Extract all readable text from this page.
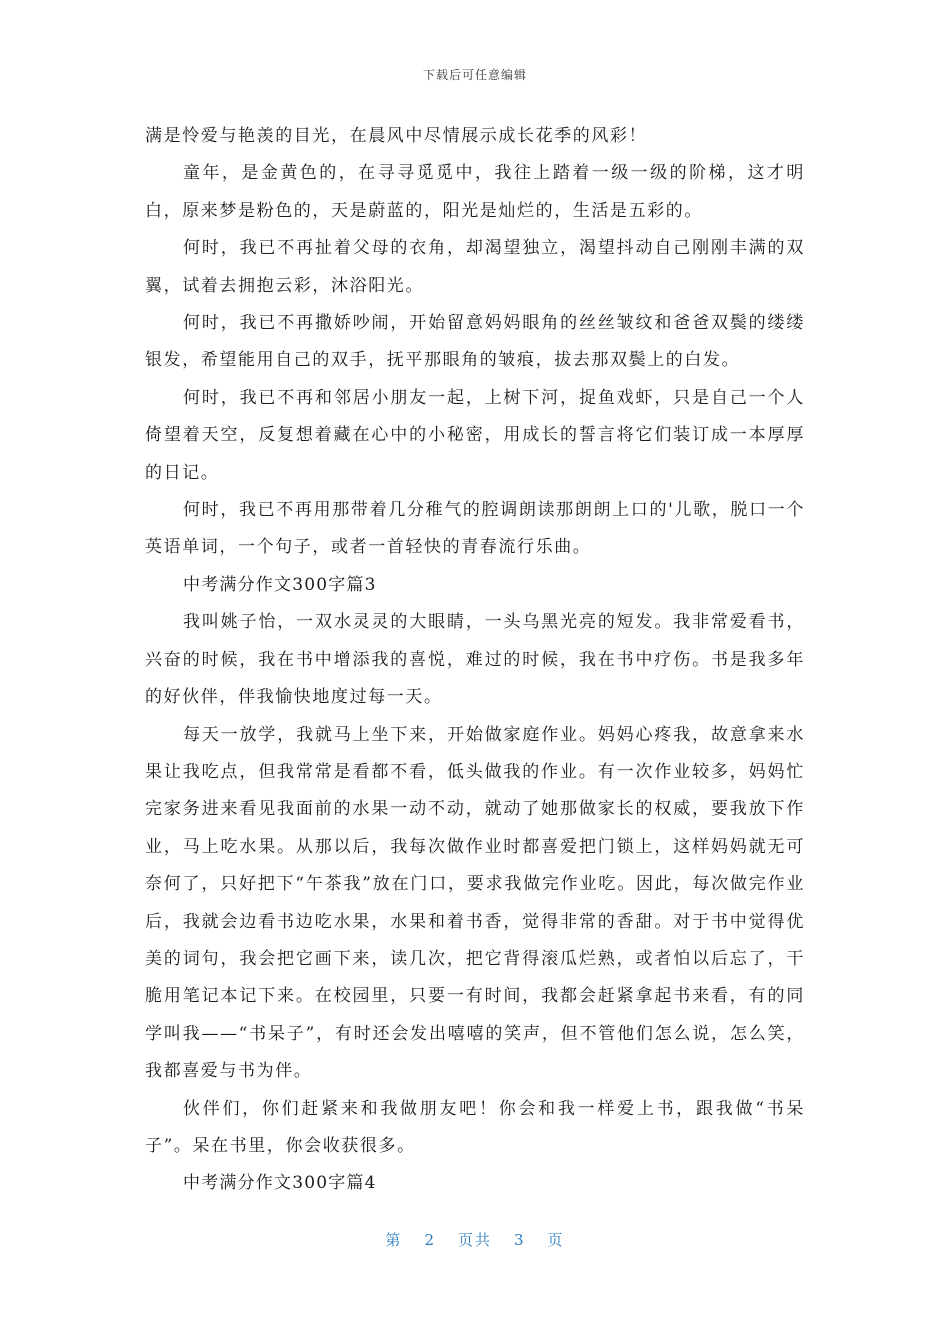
下载后可任意编辑

满是怜爱与艳羡的目光，在晨风中尽情展示成长花季的风彩！

童年，是金黄色的，在寻寻觅觅中，我往上踏着一级一级的阶梯，这才明白，原来梦是粉色的，天是蔚蓝的，阳光是灿烂的，生活是五彩的。

何时，我已不再扯着父母的衣角，却渴望独立，渴望抖动自己刚刚丰满的双翼，试着去拥抱云彩，沐浴阳光。

何时，我已不再撒娇吵闹，开始留意妈妈眼角的丝丝皱纹和爸爸双鬓的缕缕银发，希望能用自己的双手，抚平那眼角的皱痕，拔去那双鬓上的白发。

何时，我已不再和邻居小朋友一起，上树下河，捉鱼戏虾，只是自己一个人倚望着天空，反复想着藏在心中的小秘密，用成长的誓言将它们装订成一本厚厚的日记。

何时，我已不再用那带着几分稚气的腔调朗读那朗朗上口的'儿歌，脱口一个英语单词，一个句子，或者一首轻快的青春流行乐曲。

中考满分作文300字篇3

我叫姚子怡，一双水灵灵的大眼睛，一头乌黑光亮的短发。我非常爱看书，兴奋的时候，我在书中增添我的喜悦，难过的时候，我在书中疗伤。书是我多年的好伙伴，伴我愉快地度过每一天。

每天一放学，我就马上坐下来，开始做家庭作业。妈妈心疼我，故意拿来水果让我吃点，但我常常是看都不看，低头做我的作业。有一次作业较多，妈妈忙完家务进来看见我面前的水果一动不动，就动了她那做家长的权威，要我放下作业，马上吃水果。从那以后，我每次做作业时都喜爱把门锁上，这样妈妈就无可奈何了，只好把下“午茶我”放在门口，要求我做完作业吃。因此，每次做完作业后，我就会边看书边吃水果，水果和着书香，觉得非常的香甜。对于书中觉得优美的词句，我会把它画下来，读几次，把它背得滚瓜烂熟，或者怕以后忘了，干脆用笔记本记下来。在校园里，只要一有时间，我都会赶紧拿起书来看，有的同学叫我——“书呆子”，有时还会发出嘻嘻的笑声，但不管他们怎么说，怎么笑，我都喜爱与书为伴。

伙伴们，你们赶紧来和我做朋友吧！你会和我一样爱上书，跟我做“书呆子”。呆在书里，你会收获很多。

中考满分作文300字篇4

第 2 页共 3 页
